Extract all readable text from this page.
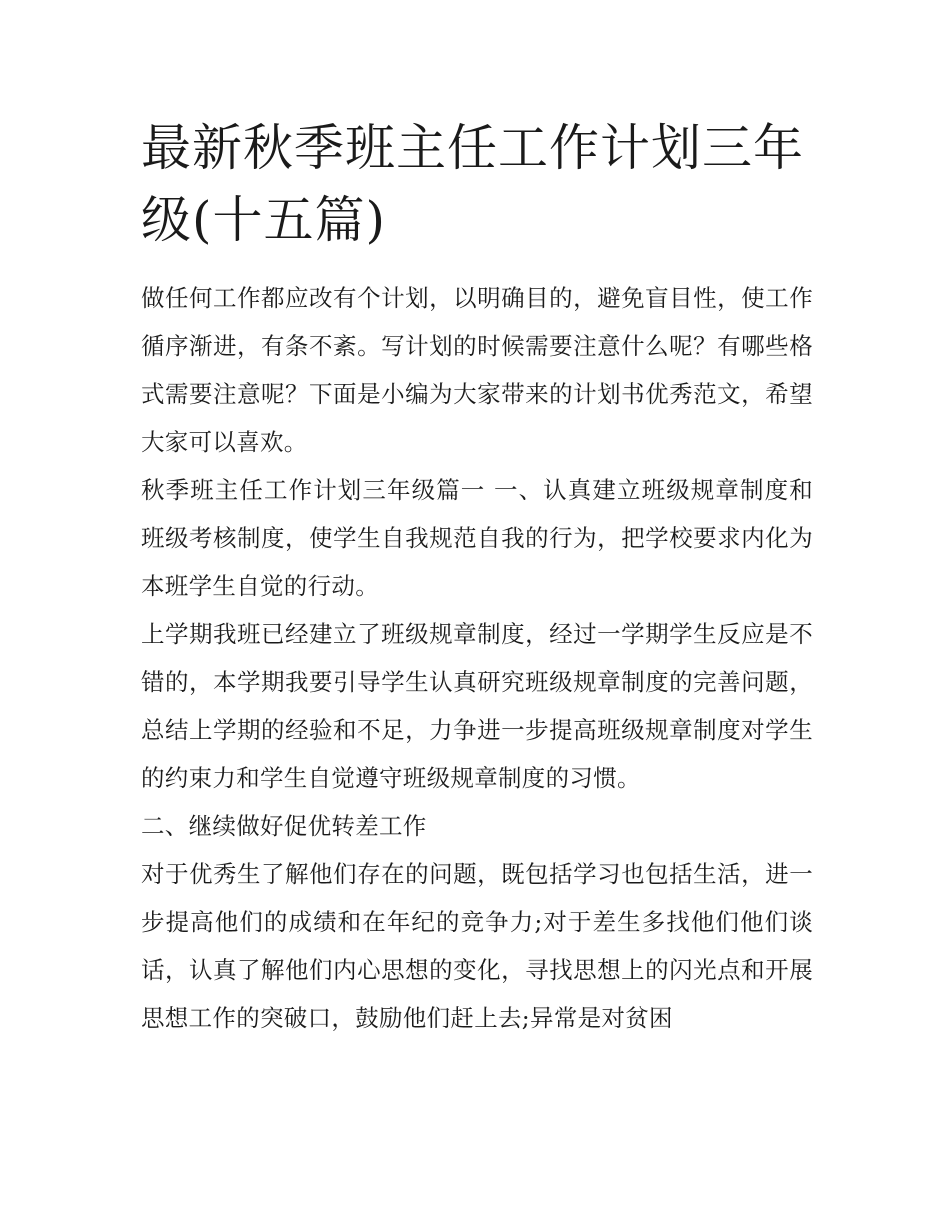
最新秋季班主任工作计划三年级(十五篇)

做任何工作都应改有个计划，以明确目的，避免盲目性，使工作循序渐进，有条不紊。写计划的时候需要注意什么呢？有哪些格式需要注意呢？下面是小编为大家带来的计划书优秀范文，希望大家可以喜欢。

秋季班主任工作计划三年级篇一 一、认真建立班级规章制度和班级考核制度，使学生自我规范自我的行为，把学校要求内化为本班学生自觉的行动。

上学期我班已经建立了班级规章制度，经过一学期学生反应是不错的，本学期我要引导学生认真研究班级规章制度的完善问题，总结上学期的经验和不足，力争进一步提高班级规章制度对学生的约束力和学生自觉遵守班级规章制度的习惯。

二、继续做好促优转差工作

对于优秀生了解他们存在的问题，既包括学习也包括生活，进一步提高他们的成绩和在年纪的竞争力;对于差生多找他们他们谈话，认真了解他们内心思想的变化，寻找思想上的闪光点和开展思想工作的突破口，鼓励他们赶上去;异常是对贫困
